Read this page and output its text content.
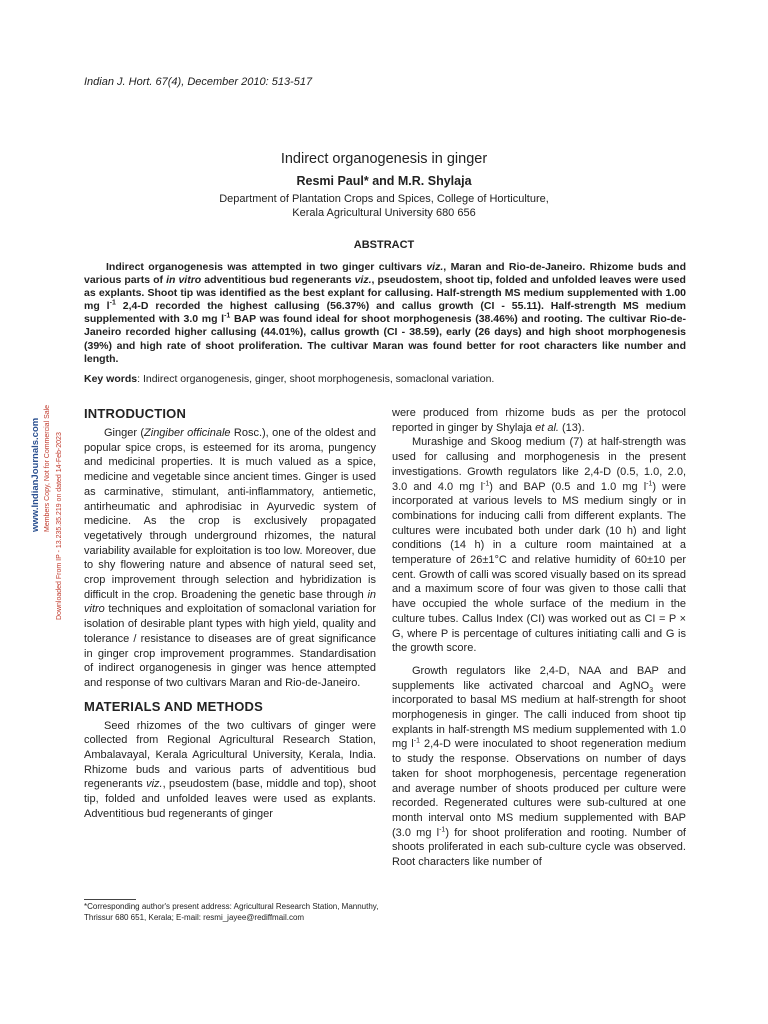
Indian J. Hort. 67(4), December 2010: 513-517
Indirect organogenesis in ginger
Resmi Paul* and M.R. Shylaja
Department of Plantation Crops and Spices, College of Horticulture,
Kerala Agricultural University 680 656
ABSTRACT
Indirect organogenesis was attempted in two ginger cultivars viz., Maran and Rio-de-Janeiro. Rhizome buds and various parts of in vitro adventitious bud regenerants viz., pseudostem, shoot tip, folded and unfolded leaves were used as explants. Shoot tip was identified as the best explant for callusing. Half-strength MS medium supplemented with 1.00 mg $l^{-1}$ 2,4-D recorded the highest callusing (56.37%) and callus growth (CI - 55.11). Half-strength MS medium supplemented with 3.0 mg $l^{-1}$ BAP was found ideal for shoot morphogenesis (38.46%) and rooting. The cultivar Rio-de-Janeiro recorded higher callusing (44.01%), callus growth (CI - 38.59), early (26 days) and high shoot morphogenesis (39%) and high rate of shoot proliferation. The cultivar Maran was found better for root characters like number and length.
Key words: Indirect organogenesis, ginger, shoot morphogenesis, somaclonal variation.
INTRODUCTION

Ginger (Zingiber officinale Rosc.), one of the oldest and popular spice crops, is esteemed for its aroma, pungency and medicinal properties. It is much valued as a spice, medicine and vegetable since ancient times. Ginger is used as carminative, stimulant, anti-inflammatory, antiemetic, antirheumatic and aphrodisiac in Ayurvedic system of medicine. As the crop is exclusively propagated vegetatively through underground rhizomes, the natural variability available for exploitation is too low. Moreover, due to shy flowering nature and absence of natural seed set, crop improvement through selection and hybridization is difficult in the crop. Broadening the genetic base through in vitro techniques and exploitation of somaclonal variation for isolation of desirable plant types with high yield, quality and tolerance / resistance to diseases are of great significance in ginger crop improvement programmes. Standardisation of indirect organogenesis in ginger was hence attempted and response of two cultivars Maran and Rio-de-Janeiro.

MATERIALS AND METHODS

Seed rhizomes of the two cultivars of ginger were collected from Regional Agricultural Research Station, Ambalavayal, Kerala Agricultural University, Kerala, India. Rhizome buds and various parts of adventitious bud regenerants viz., pseudostem (base, middle and top), shoot tip, folded and unfolded leaves were used as explants. Adventitious bud regenerants of ginger

were produced from rhizome buds as per the protocol reported in ginger by Shylaja et al. (13).

Murashige and Skoog medium (7) at half-strength was used for callusing and morphogenesis in the present investigations. Growth regulators like 2,4-D (0.5, 1.0, 2.0, 3.0 and 4.0 mg $l^{-1}$) and BAP (0.5 and 1.0 mg $l^{-1}$) were incorporated at various levels to MS medium singly or in combinations for inducing calli from different explants. The cultures were incubated both under dark (10 h) and light conditions (14 h) in a culture room maintained at a temperature of 26±1°C and relative humidity of 60±10 per cent. Growth of calli was scored visually based on its spread and a maximum score of four was given to those calli that have occupied the whole surface of the medium in the culture tubes. Callus Index (CI) was worked out as CI = P × G, where P is percentage of cultures initiating calli and G is the growth score.

Growth regulators like 2,4-D, NAA and BAP and supplements like activated charcoal and AgNO$_3$ were incorporated to basal MS medium at half-strength for shoot morphogenesis in ginger. The calli induced from shoot tip explants in half-strength MS medium supplemented with 1.0 mg $l^{-1}$ 2,4-D were inoculated to shoot regeneration medium to study the response. Observations on number of days taken for shoot morphogenesis, percentage regeneration and average number of shoots produced per culture were recorded. Regenerated cultures were sub-cultured at one month interval onto MS medium supplemented with BAP (3.0 mg $l^{-1}$) for shoot proliferation and rooting. Number of shoots proliferated in each sub-culture cycle was observed. Root characters like number of

*Corresponding author's present address: Agricultural Research Station, Mannuthy,
Thrissur 680 651, Kerala; E-mail: resmi_jayee@rediffmail.com
www.IndianJournals.com Members Copy, Not for Commercial Sale Downloaded From IP - 13.235.35.219 on dated 14-Feb-2023
